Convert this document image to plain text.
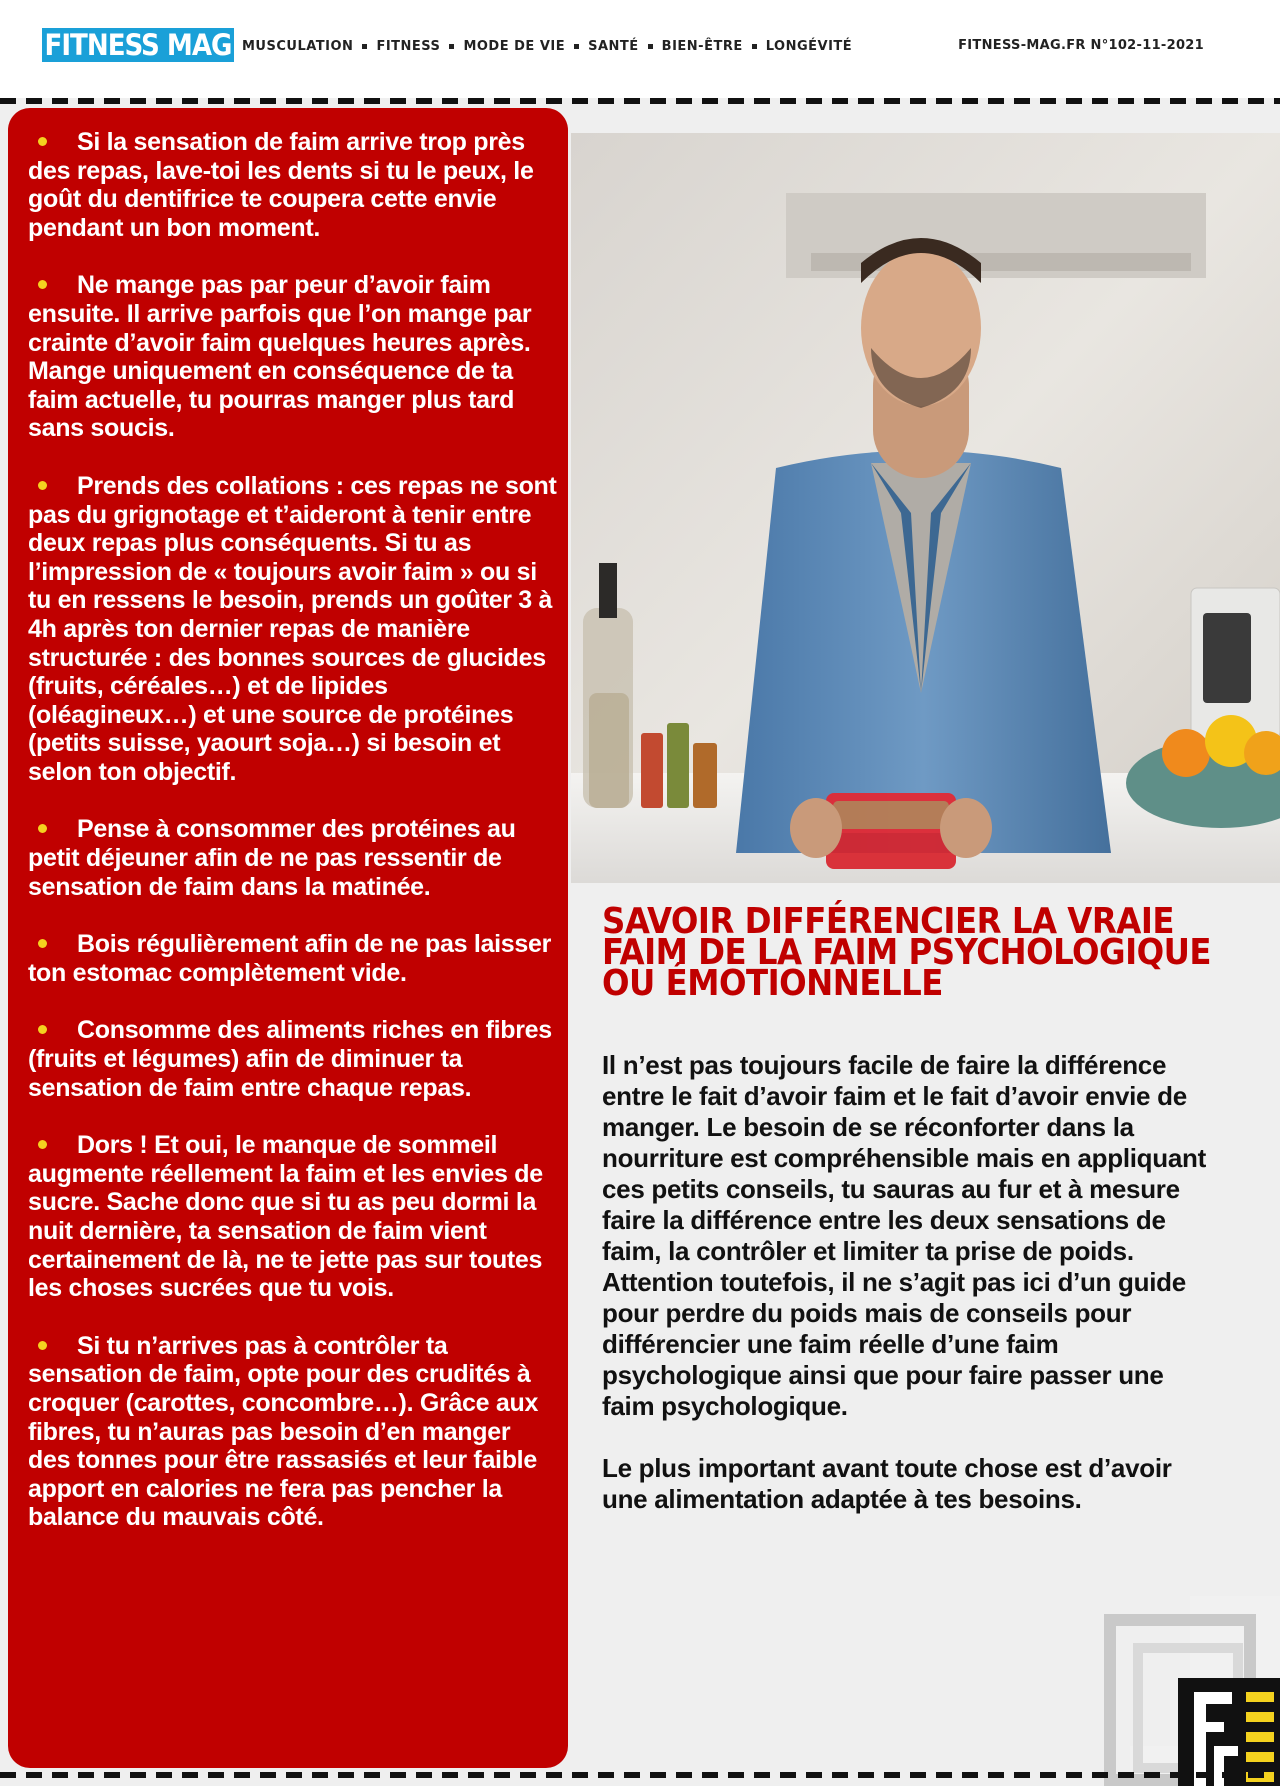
FITNESS MAG MUSCULATION FITNESS MODE DE VIE SANTÉ BIEN-ÊTRE LONGÉVITÉ	FITNESS-MAG.FR N°102-11-2021
Si la sensation de faim arrive trop près des repas, lave-toi les dents si tu le peux, le goût du dentifrice te coupera cette envie pendant un bon moment.
Ne mange pas par peur d’avoir faim ensuite. Il arrive parfois que l’on mange par crainte d’avoir faim quelques heures après. Mange uniquement en conséquence de ta faim actuelle, tu pourras manger plus tard sans soucis.
Prends des collations : ces repas ne sont pas du grignotage et t’aideront à tenir entre deux repas plus conséquents. Si tu as l’impression de « toujours avoir faim » ou si tu en ressens le besoin, prends un goûter 3 à 4h après ton dernier repas de manière structurée : des bonnes sources de glucides (fruits, céréales…) et de lipides (oléagineux…) et une source de protéines (petits suisse, yaourt soja…) si besoin et selon ton objectif.
Pense à consommer des protéines au petit déjeuner afin de ne pas ressentir de sensation de faim dans la matinée.
Bois régulièrement afin de ne pas laisser ton estomac complètement vide.
Consomme des aliments riches en fibres (fruits et légumes) afin de diminuer ta sensation de faim entre chaque repas.
Dors ! Et oui, le manque de sommeil augmente réellement la faim et les envies de sucre. Sache donc que si tu as peu dormi la nuit dernière, ta sensation de faim vient certainement de là, ne te jette pas sur toutes les choses sucrées que tu vois.
Si tu n’arrives pas à contrôler ta sensation de faim, opte pour des crudités à croquer (carottes, concombre…). Grâce aux fibres, tu n’auras pas besoin d’en manger des tonnes pour être rassasiés et leur faible apport en calories ne fera pas pencher la balance du mauvais côté.
SAVOIR DIFFÉRENCIER LA VRAIE FAIM DE LA FAIM PSYCHOLOGIQUE OU ÉMOTIONNELLE

Il n’est pas toujours facile de faire la différence entre le fait d’avoir faim et le fait d’avoir envie de manger. Le besoin de se réconforter dans la nourriture est compréhensible mais en appliquant ces petits conseils, tu sauras au fur et à mesure faire la différence entre les deux sensations de faim, la contrôler et limiter ta prise de poids. Attention toutefois, il ne s’agit pas ici d’un guide pour perdre du poids mais de conseils pour différencier une faim réelle d’une faim psychologique ainsi que pour faire passer une faim psychologique.

Le plus important avant toute chose est d’avoir une alimentation adaptée à tes besoins.
